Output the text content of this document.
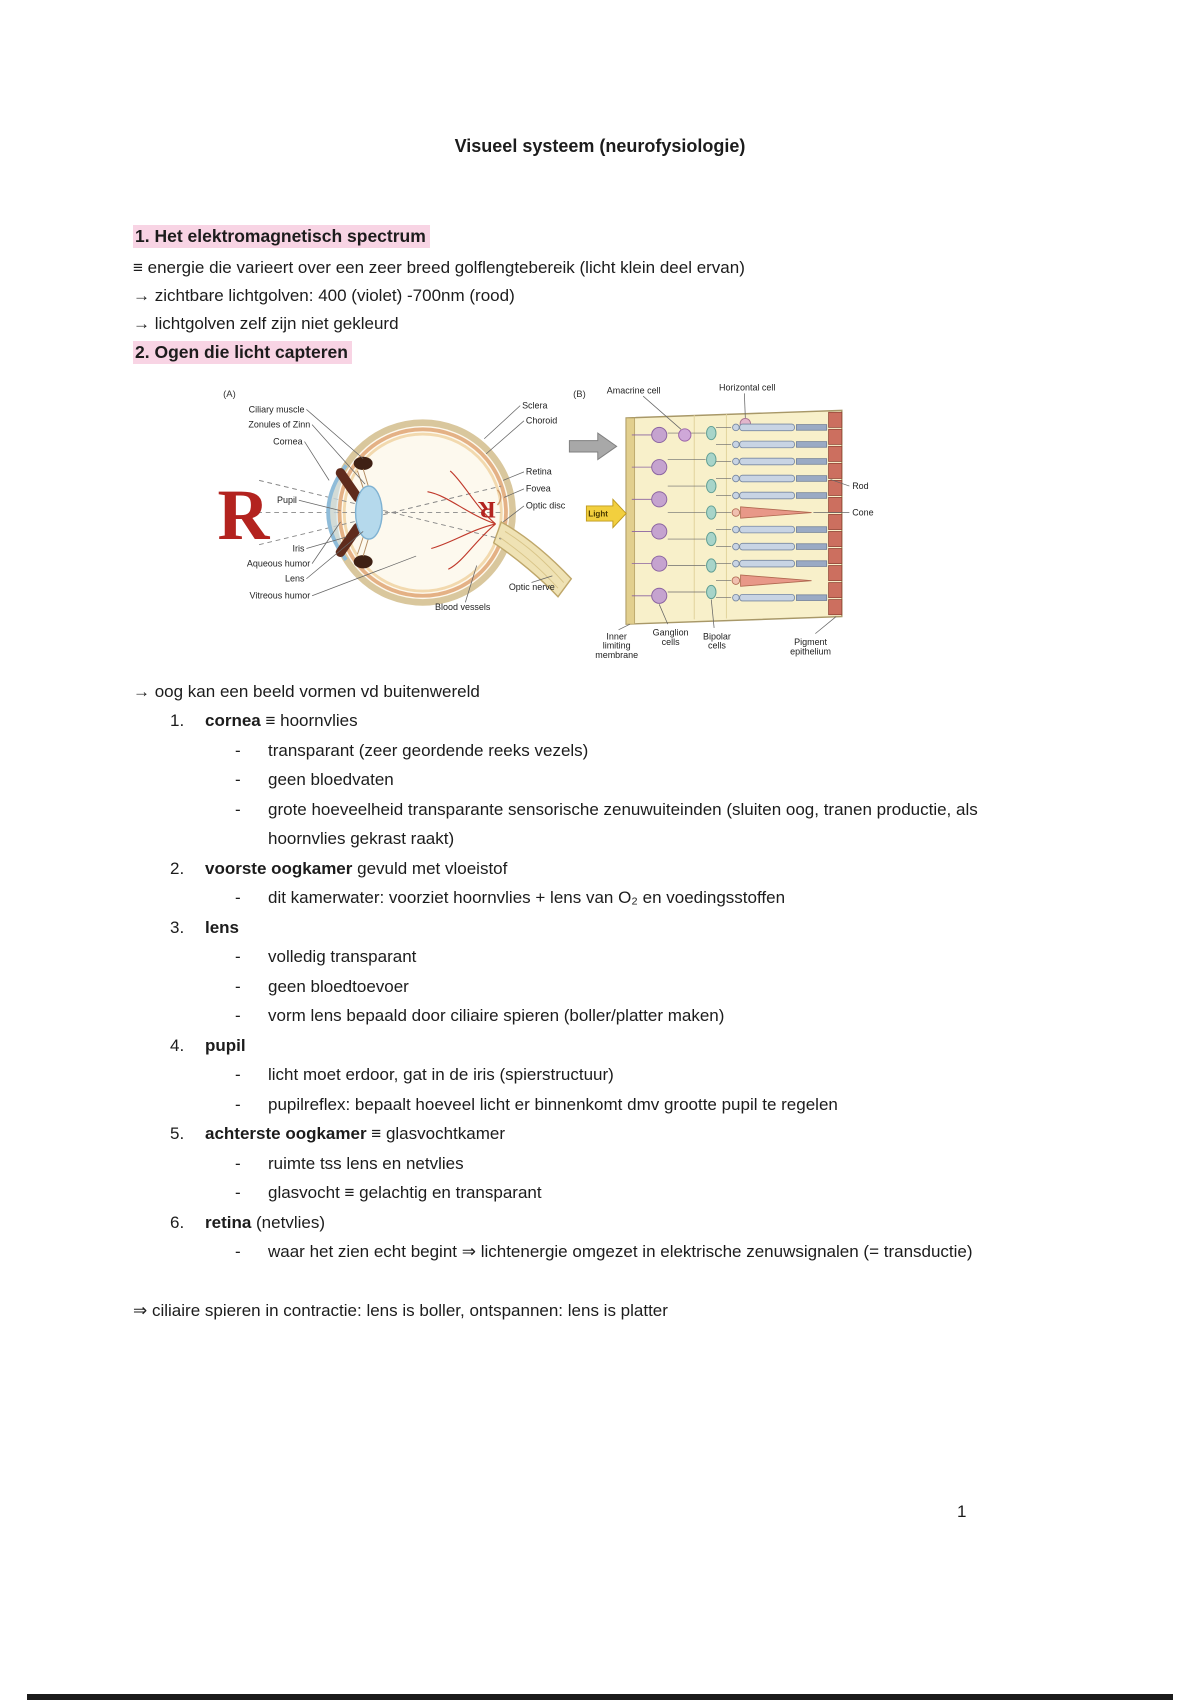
Visueel systeem (neurofysiologie)
1. Het elektromagnetisch spectrum

≡ energie die varieert over een zeer breed golflengtebereik (licht klein deel ervan)

→ zichtbare lichtgolven: 400 (violet) -700nm (rood)

→ lichtgolven zelf zijn niet gekleurd

2. Ogen die licht capteren
(A)
R	R
Ciliary muscle
Zonules of Zinn
Cornea
Pupil
Iris
Aqueous humor
Lens
Vitreous humor
Sclera
Choroid
Retina
Fovea
Optic disc
Optic nerve
Blood vessels
(B)
Light
Amacrine cell	Horizontal cell
Rod
Cone
Inner
limiting
membrane
Ganglion
cells
Bipolar
cells	Pigment
epithelium

→ oog kan een beeld vormen vd buitenwereld

1.	cornea ≡ hoornvlies

-	transparant (zeer geordende reeks vezels)
-	geen bloedvaten
-	grote hoeveelheid transparante sensorische zenuwuiteinden (sluiten oog, tranen productie, als hoornvlies gekrast raakt)
2.	voorste oogkamer gevuld met vloeistof

-	dit kamerwater: voorziet hoornvlies + lens van O₂ en voedingsstoffen
3.	lens

-	volledig transparant
-	geen bloedtoevoer
-	vorm lens bepaald door ciliaire spieren (boller/platter maken)
4.	pupil

-	licht moet erdoor, gat in de iris (spierstructuur)
-	pupilreflex: bepaalt hoeveel licht er binnenkomt dmv grootte pupil te regelen
5.	achterste oogkamer ≡ glasvochtkamer

-	ruimte tss lens en netvlies
-	glasvocht ≡ gelachtig en transparant
6.	retina (netvlies)

-	waar het zien echt begint ⇒ lichtenergie omgezet in elektrische zenuwsignalen (= transductie)

⇒ ciliaire spieren in contractie: lens is boller, ontspannen: lens is platter

1
